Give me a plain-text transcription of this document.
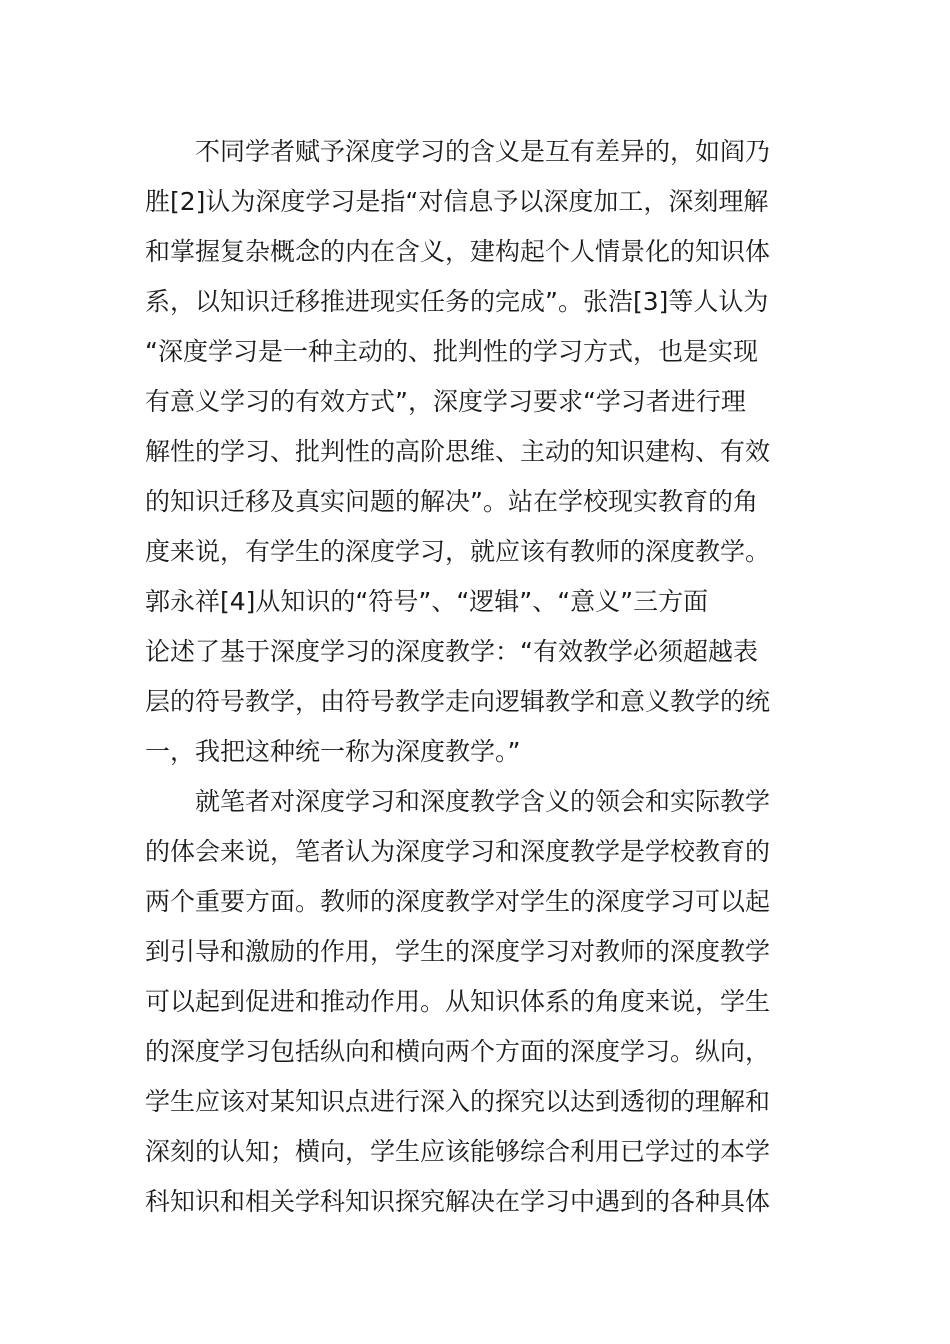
不同学者赋予深度学习的含义是互有差异的，如阎乃
胜[2]认为深度学习是指“对信息予以深度加工，深刻理解
和掌握复杂概念的内在含义，建构起个人情景化的知识体
系，以知识迁移推进现实任务的完成”。张浩[3]等人认为
“深度学习是一种主动的、批判性的学习方式，也是实现
有意义学习的有效方式”，深度学习要求“学习者进行理
解性的学习、批判性的高阶思维、主动的知识建构、有效
的知识迁移及真实问题的解决”。站在学校现实教育的角
度来说，有学生的深度学习，就应该有教师的深度教学。
郭永祥[4]从知识的“符号”、“逻辑”、“意义”三方面
论述了基于深度学习的深度教学：“有效教学必须超越表
层的符号教学，由符号教学走向逻辑教学和意义教学的统
一，我把这种统一称为深度教学。”
就笔者对深度学习和深度教学含义的领会和实际教学
的体会来说，笔者认为深度学习和深度教学是学校教育的
两个重要方面。教师的深度教学对学生的深度学习可以起
到引导和激励的作用，学生的深度学习对教师的深度教学
可以起到促进和推动作用。从知识体系的角度来说，学生
的深度学习包括纵向和横向两个方面的深度学习。纵向，
学生应该对某知识点进行深入的探究以达到透彻的理解和
深刻的认知；横向，学生应该能够综合利用已学过的本学
科知识和相关学科知识探究解决在学习中遇到的各种具体
